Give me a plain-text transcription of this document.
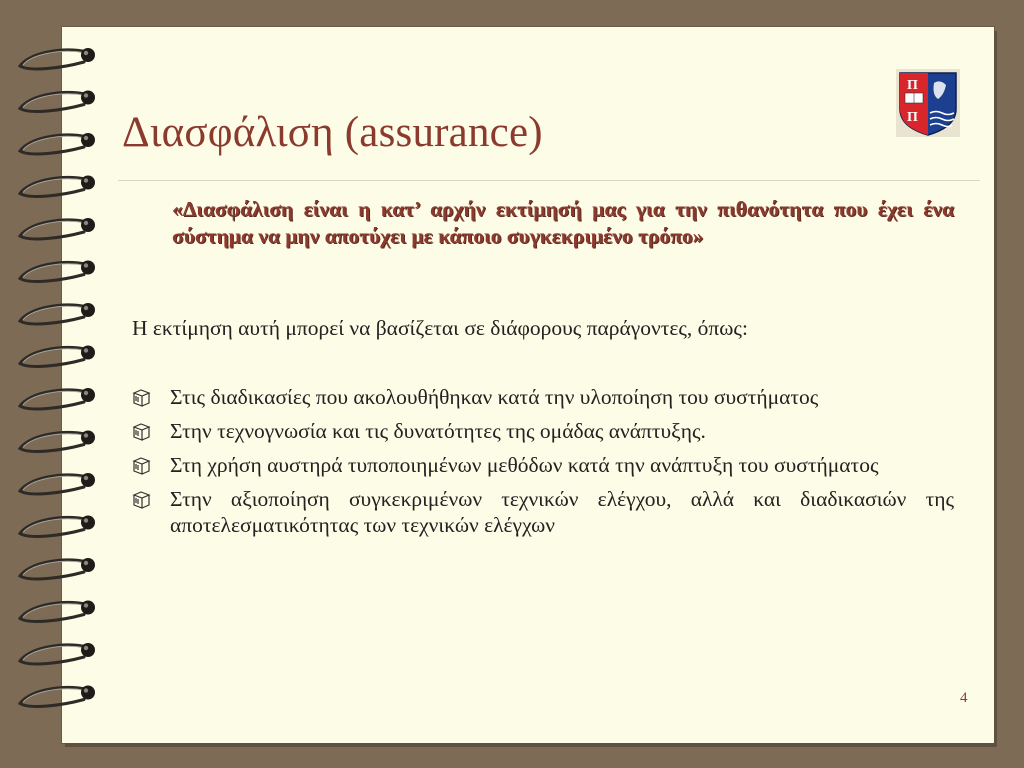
Διασφάλιση (assurance)
Π
Π
«Διασφάλιση είναι η κατ’ αρχήν εκτίμησή μας για την πιθανότητα που έχει ένα σύστημα να μην αποτύχει με κάποιο συγκεκριμένο τρόπο»
Η εκτίμηση αυτή μπορεί να βασίζεται σε διάφορους παράγοντες, όπως:
Στις διαδικασίες που ακολουθήθηκαν κατά την υλοποίηση του συστήματος
Στην τεχνογνωσία και τις δυνατότητες της ομάδας ανάπτυξης.
Στη χρήση αυστηρά τυποποιημένων μεθόδων κατά την ανάπτυξη του συστήματος
Στην αξιοποίηση συγκεκριμένων τεχνικών ελέγχου, αλλά και διαδικασιών της αποτελεσματικότητας των τεχνικών ελέγχων
4
